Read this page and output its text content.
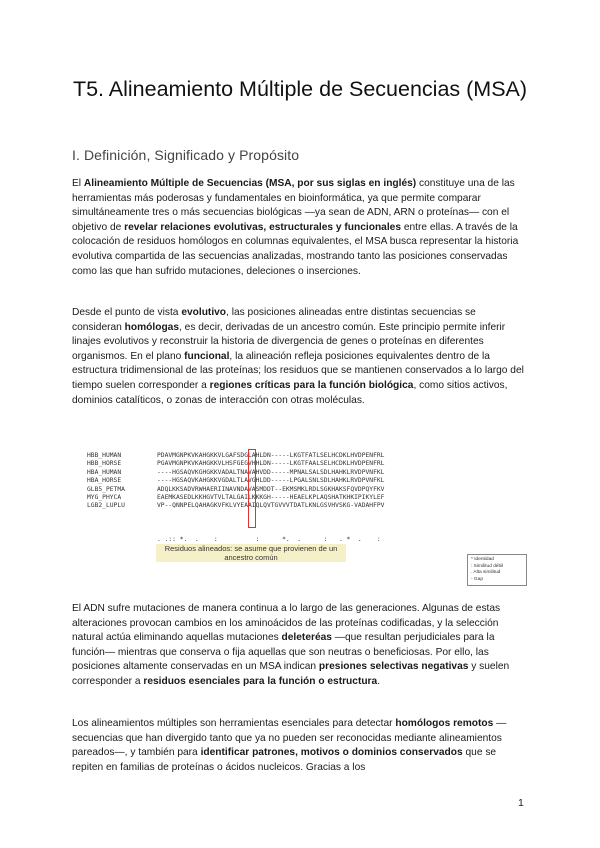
T5. Alineamiento Múltiple de Secuencias (MSA)
I. Definición, Significado y Propósito
El Alineamiento Múltiple de Secuencias (MSA, por sus siglas en inglés) constituye una de las herramientas más poderosas y fundamentales en bioinformática, ya que permite comparar simultáneamente tres o más secuencias biológicas —ya sean de ADN, ARN o proteínas— con el objetivo de revelar relaciones evolutivas, estructurales y funcionales entre ellas. A través de la colocación de residuos homólogos en columnas equivalentes, el MSA busca representar la historia evolutiva compartida de las secuencias analizadas, mostrando tanto las posiciones conservadas como las que han sufrido mutaciones, deleciones o inserciones.
Desde el punto de vista evolutivo, las posiciones alineadas entre distintas secuencias se consideran homólogas, es decir, derivadas de un ancestro común. Este principio permite inferir linajes evolutivos y reconstruir la historia de divergencia de genes o proteínas en diferentes organismos. En el plano funcional, la alineación refleja posiciones equivalentes dentro de la estructura tridimensional de las proteínas; los residuos que se mantienen conservados a lo largo del tiempo suelen corresponder a regiones críticas para la función biológica, como sitios activos, dominios catalíticos, o zonas de interacción con otras moléculas.
HBB_HUMAN	PDAVMGNPKVKAHGKKVLGAFSDGLAHLDN-----LKGTFATLSELHCDKLHVDPENFRL
HBB_HORSE	PGAVMGNPKVKAHGKKVLHSFGEGVHHLDN-----LKGTFAALSELHCDKLHVDPENFRL
HBA_HUMAN	----HGSAQVKGHGKKVADALTNAVAHVDD-----MPNALSALSDLHAHKLRVDPVNFKL
HBA_HORSE	----HGSAQVKAHGKKVGDALTLAVGHLDD-----LPGALSNLSDLHAHKLRVDPVNFKL
GLB5_PETMA	ADQLKKSADVRWHAERIINAVNDAVASMDDT--EKMSMKLRDLSGKHAKSFQVDPQYFKV
MYG_PHYCA	EAEMKASEDLKKHGVTVLTALGAILKKKGH-----HEAELKPLAQSHATKHKIPIKYLEF
LGB2_LUPLU	VP--QNNPELQAHAGKVFKLVYEAAIQLQVTGVVVTDATLKNLGSVHVSKG-VADAHFPV
. .:: *.  .    :          :      *.  .      :   . *  .    :
Residuos alineados: se asume que provienen de un ancestro común	* Identidad
: Similitud débil
. Alta similitud
- Gap
El ADN sufre mutaciones de manera continua a lo largo de las generaciones. Algunas de estas alteraciones provocan cambios en los aminoácidos de las proteínas codificadas, y la selección natural actúa eliminando aquellas mutaciones deleteréas —que resultan perjudiciales para la función— mientras que conserva o fija aquellas que son neutras o beneficiosas. Por ello, las posiciones altamente conservadas en un MSA indican presiones selectivas negativas y suelen corresponder a residuos esenciales para la función o estructura.
Los alineamientos múltiples son herramientas esenciales para detectar homólogos remotos —secuencias que han divergido tanto que ya no pueden ser reconocidas mediante alineamientos pareados—, y también para identificar patrones, motivos o dominios conservados que se repiten en familias de proteínas o ácidos nucleicos. Gracias a los
1
